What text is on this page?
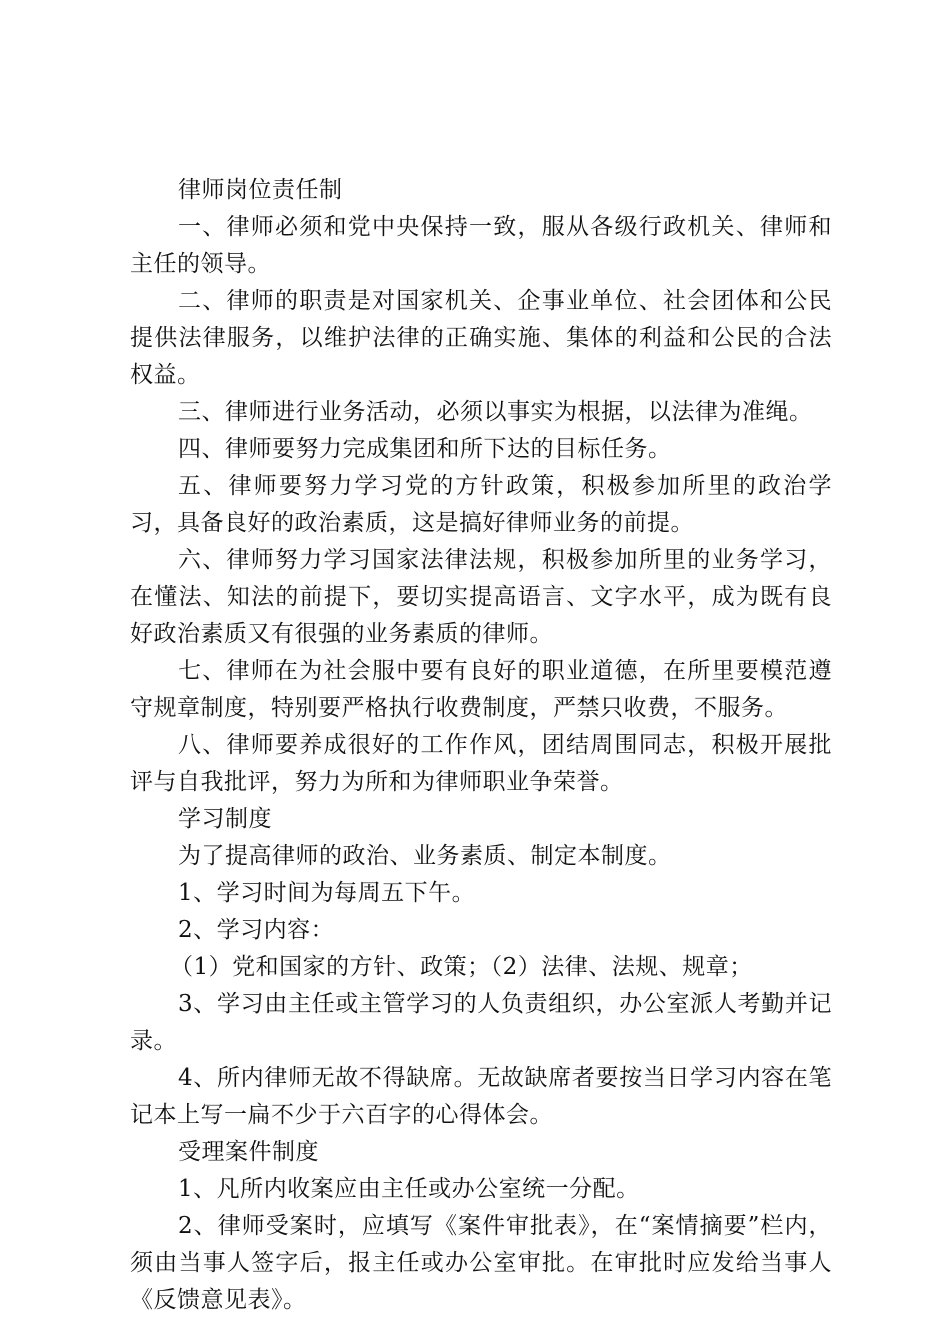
律师岗位责任制

一、律师必须和党中央保持一致，服从各级行政机关、律师和主任的领导。

二、律师的职责是对国家机关、企事业单位、社会团体和公民提供法律服务，以维护法律的正确实施、集体的利益和公民的合法权益。

三、律师进行业务活动，必须以事实为根据，以法律为准绳。

四、律师要努力完成集团和所下达的目标任务。

五、律师要努力学习党的方针政策，积极参加所里的政治学习，具备良好的政治素质，这是搞好律师业务的前提。

六、律师努力学习国家法律法规，积极参加所里的业务学习，在懂法、知法的前提下，要切实提高语言、文字水平，成为既有良好政治素质又有很强的业务素质的律师。

七、律师在为社会服中要有良好的职业道德，在所里要模范遵守规章制度，特别要严格执行收费制度，严禁只收费，不服务。

八、律师要养成很好的工作作风，团结周围同志，积极开展批评与自我批评，努力为所和为律师职业争荣誉。

学习制度

为了提高律师的政治、业务素质、制定本制度。

1、学习时间为每周五下午。

2、学习内容：

（1）党和国家的方针、政策；（2）法律、法规、规章；

3、学习由主任或主管学习的人负责组织，办公室派人考勤并记录。

4、所内律师无故不得缺席。无故缺席者要按当日学习内容在笔记本上写一扁不少于六百字的心得体会。

受理案件制度

1、凡所内收案应由主任或办公室统一分配。

2、律师受案时，应填写《案件审批表》，在“案情摘要”栏内，须由当事人签字后，报主任或办公室审批。在审批时应发给当事人《反馈意见表》。
